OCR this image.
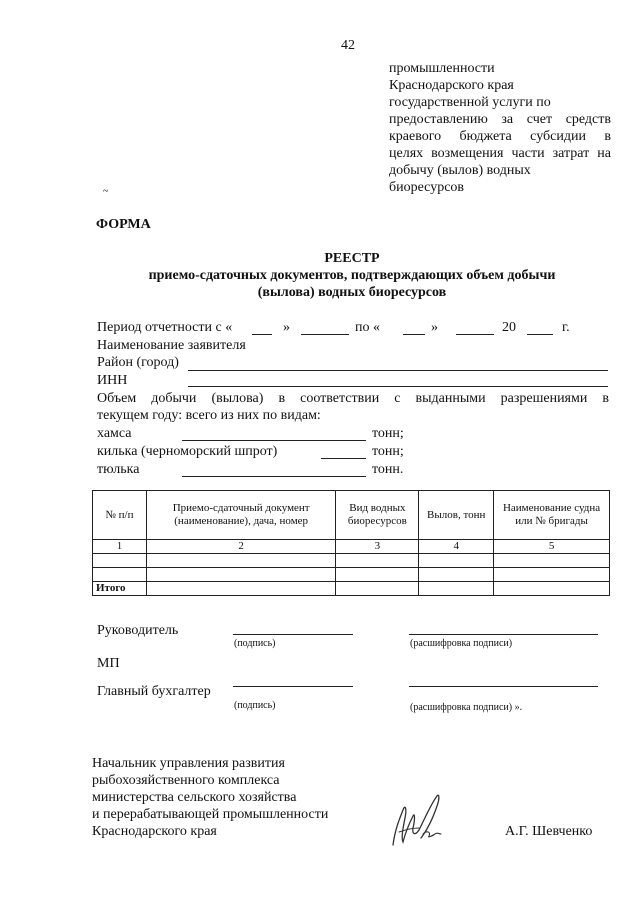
42
промышленности
Краснодарского края
государственной услуги по
предоставлению за счет средств
краевого бюджета субсидии в
целях возмещения части затрат на
добычу (вылов) водных
биоресурсов
~
ФОРМА
РЕЕСТР
приемо-сдаточных документов, подтверждающих объем добычи
(вылова) водных биоресурсов
Период отчетности с «	»	по «	»	20	г.
Наименование заявителя
Район (город)
ИНН
Объем добычи (вылова) в соответствии с выданными разрешениями в
текущем году: всего из них по видам:
хамса	тонн;
килька (черноморский шпрот)	тонн;
тюлька	тонн.
№ п/п	Приемо-сдаточный документ (наименование), дача, номер	Вид водных биоресурсов	Вылов, тонн	Наименование судна или № бригады
1	2	3	4	5

Итого				
Руководитель
(подпись)	(расшифровка подписи)
МП
Главный бухгалтер
(подпись)	(расшифровка подписи) ».
Начальник управления развития
рыбохозяйственного комплекса
министерства сельского хозяйства
и перерабатывающей промышленности
Краснодарского края	А.Г. Шевченко
